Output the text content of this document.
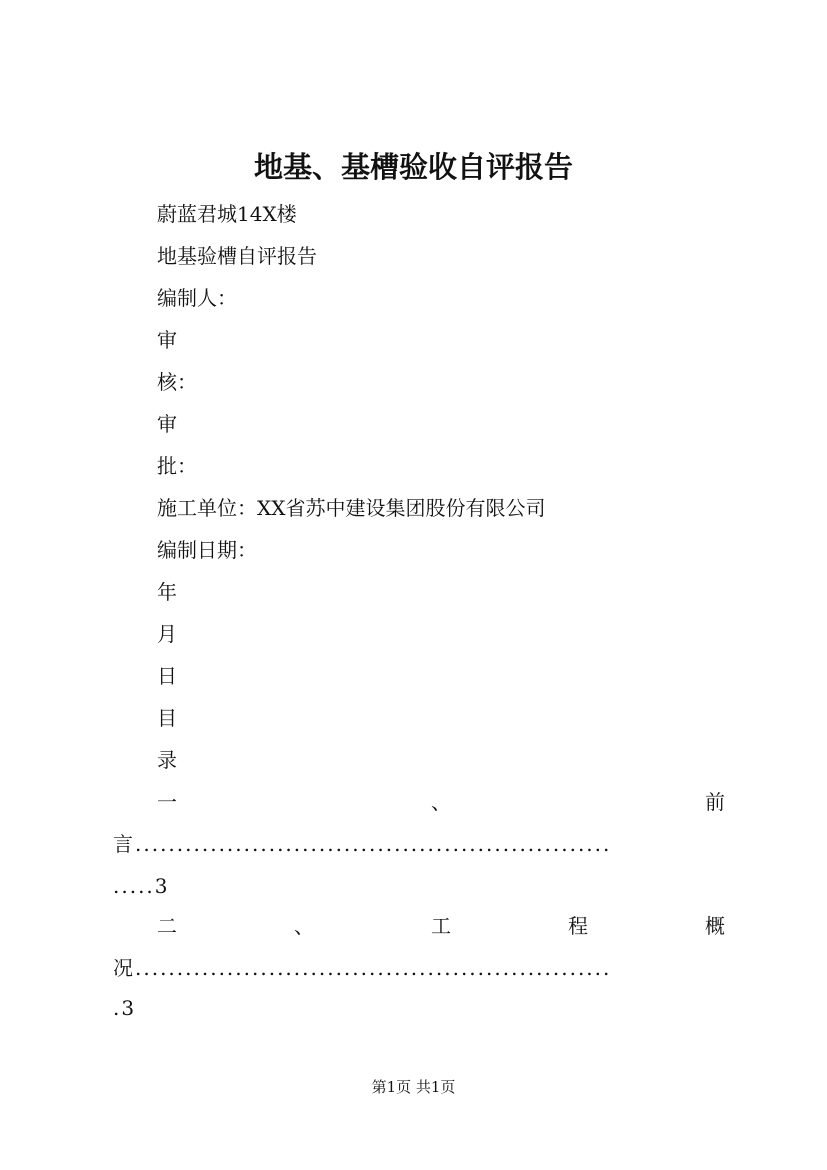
地基、基槽验收自评报告
蔚蓝君城14X楼
地基验槽自评报告
编制人：
审
核：
审
批：
施工单位：XX省苏中建设集团股份有限公司
编制日期：
年
月
日
目
录
一	、	前
言.........................................................
.....3
二	、	工	程	概
况.........................................................
.3
第1页 共1页
